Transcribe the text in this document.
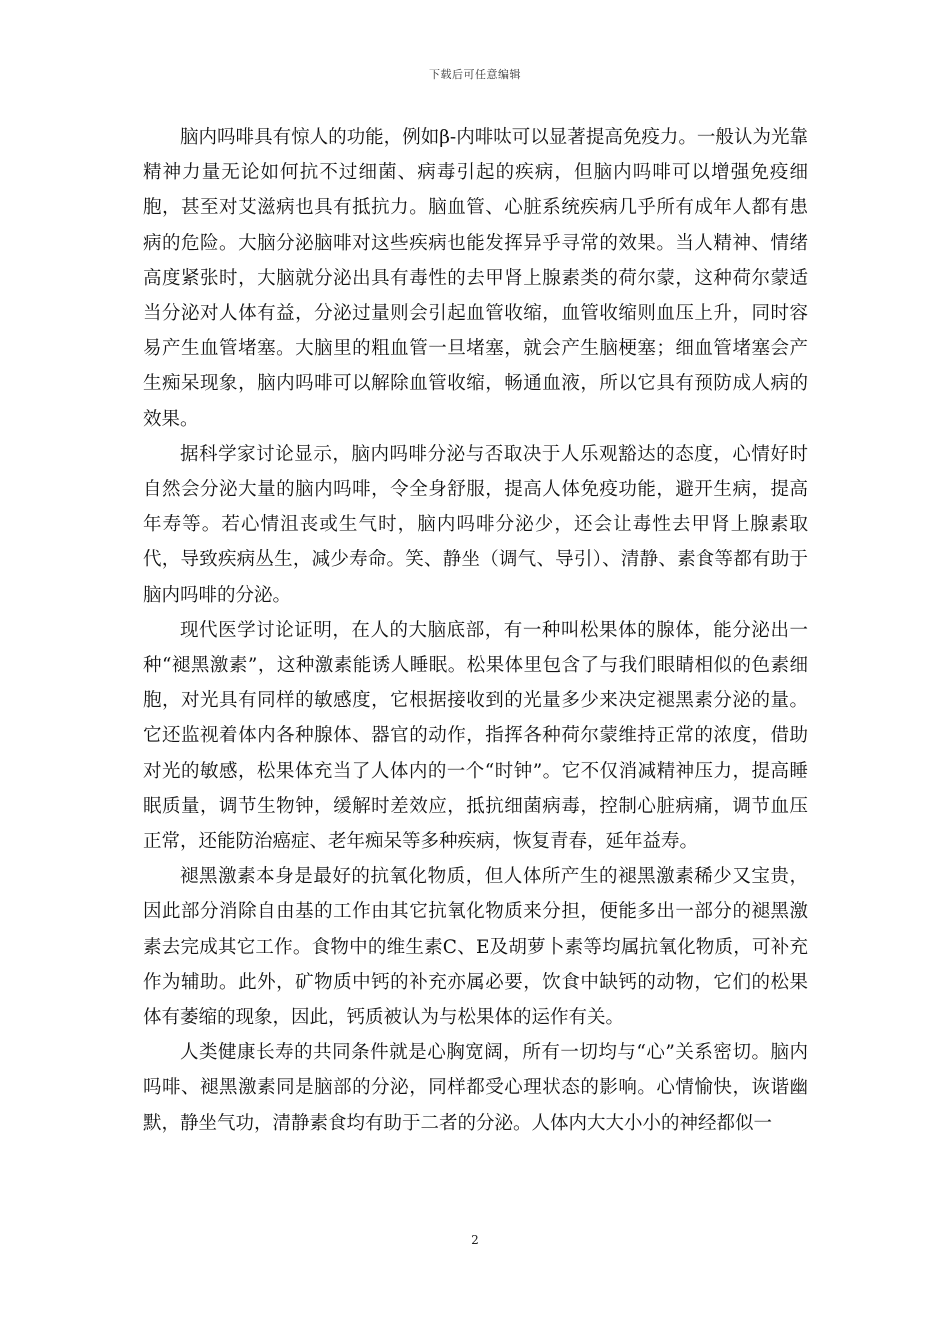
下载后可任意编辑

脑内吗啡具有惊人的功能，例如β-内啡呔可以显著提高免疫力。一般认为光靠精神力量无论如何抗不过细菌、病毒引起的疾病，但脑内吗啡可以增强免疫细胞，甚至对艾滋病也具有抵抗力。脑血管、心脏系统疾病几乎所有成年人都有患病的危险。大脑分泌脑啡对这些疾病也能发挥异乎寻常的效果。当人精神、情绪高度紧张时，大脑就分泌出具有毒性的去甲肾上腺素类的荷尔蒙，这种荷尔蒙适当分泌对人体有益，分泌过量则会引起血管收缩，血管收缩则血压上升，同时容易产生血管堵塞。大脑里的粗血管一旦堵塞，就会产生脑梗塞；细血管堵塞会产生痴呆现象，脑内吗啡可以解除血管收缩，畅通血液，所以它具有预防成人病的效果。

据科学家讨论显示，脑内吗啡分泌与否取决于人乐观豁达的态度，心情好时自然会分泌大量的脑内吗啡，令全身舒服，提高人体免疫功能，避开生病，提高年寿等。若心情沮丧或生气时，脑内吗啡分泌少，还会让毒性去甲肾上腺素取代，导致疾病丛生，减少寿命。笑、静坐（调气、导引）、清静、素食等都有助于脑内吗啡的分泌。

现代医学讨论证明，在人的大脑底部，有一种叫松果体的腺体，能分泌出一种“褪黑激素”，这种激素能诱人睡眠。松果体里包含了与我们眼睛相似的色素细胞，对光具有同样的敏感度，它根据接收到的光量多少来决定褪黑素分泌的量。它还监视着体内各种腺体、器官的动作，指挥各种荷尔蒙维持正常的浓度，借助对光的敏感，松果体充当了人体内的一个“时钟”。它不仅消减精神压力，提高睡眠质量，调节生物钟，缓解时差效应，抵抗细菌病毒，控制心脏病痛，调节血压正常，还能防治癌症、老年痴呆等多种疾病，恢复青春，延年益寿。

褪黑激素本身是最好的抗氧化物质，但人体所产生的褪黑激素稀少又宝贵，因此部分消除自由基的工作由其它抗氧化物质来分担，便能多出一部分的褪黑激素去完成其它工作。食物中的维生素C、E及胡萝卜素等均属抗氧化物质，可补充作为辅助。此外，矿物质中钙的补充亦属必要，饮食中缺钙的动物，它们的松果体有萎缩的现象，因此，钙质被认为与松果体的运作有关。

人类健康长寿的共同条件就是心胸宽阔，所有一切均与“心”关系密切。脑内吗啡、褪黑激素同是脑部的分泌，同样都受心理状态的影响。心情愉快，诙谐幽默，静坐气功，清静素食均有助于二者的分泌。人体内大大小小的神经都似一

2
